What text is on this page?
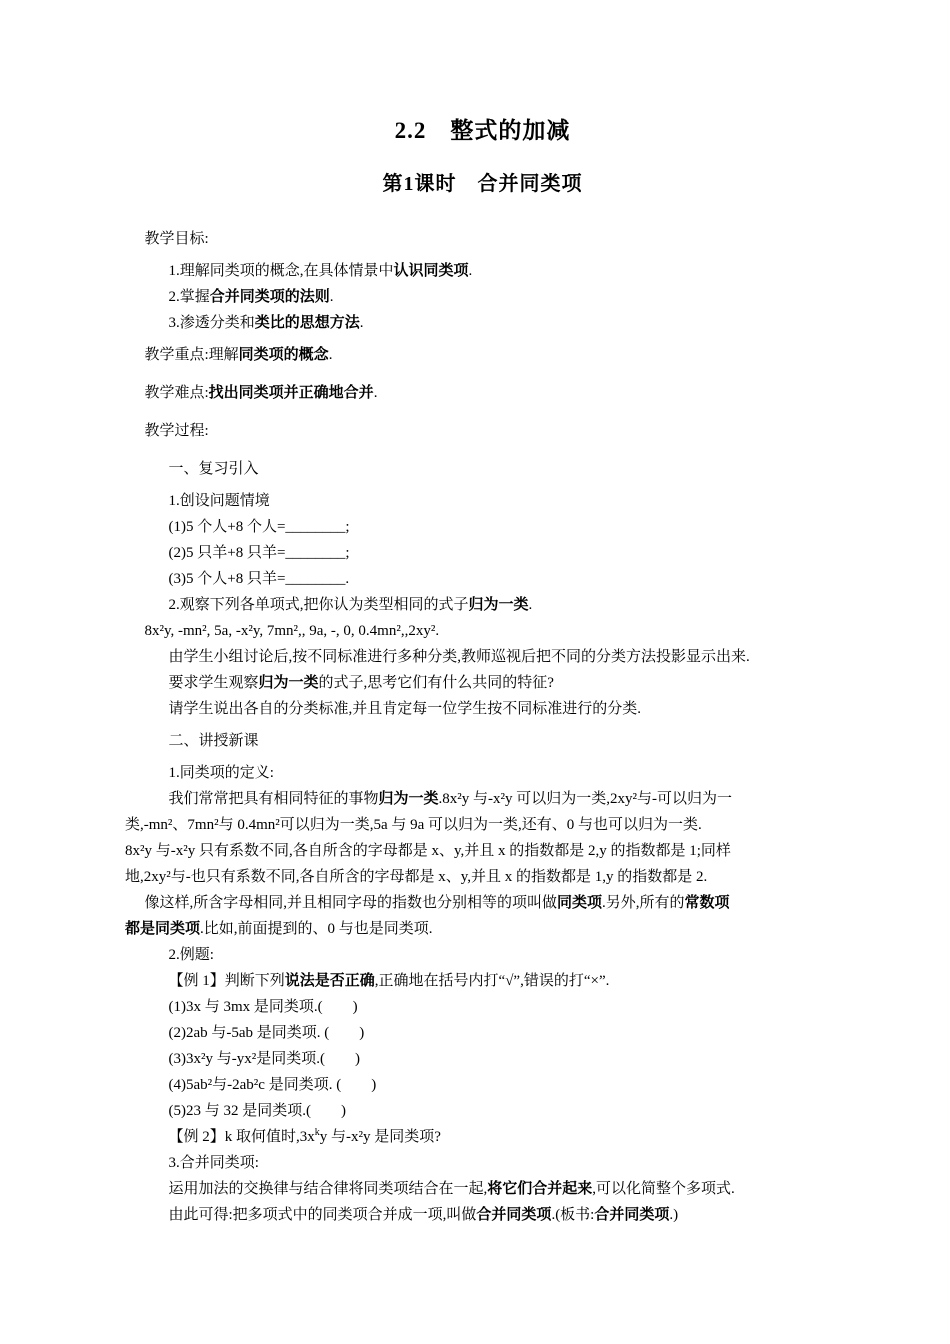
2.2　整式的加减
第1课时　合并同类项
教学目标:
1.理解同类项的概念,在具体情景中认识同类项.
2.掌握合并同类项的法则.
3.渗透分类和类比的思想方法.
教学重点:理解同类项的概念.
教学难点:找出同类项并正确地合并.
教学过程:
一、复习引入
1.创设问题情境
(1)5 个人+8 个人=________;
(2)5 只羊+8 只羊=________;
(3)5 个人+8 只羊=________.
2.观察下列各单项式,把你认为类型相同的式子归为一类.
8x²y, -mn², 5a, -x²y, 7mn²,, 9a, -, 0, 0.4mn²,,2xy².
由学生小组讨论后,按不同标准进行多种分类,教师巡视后把不同的分类方法投影显示出来.
要求学生观察归为一类的式子,思考它们有什么共同的特征?
请学生说出各自的分类标准,并且肯定每一位学生按不同标准进行的分类.
二、讲授新课
1.同类项的定义:
我们常常把具有相同特征的事物归为一类.8x²y 与-x²y 可以归为一类,2xy²与-可以归为一
类,-mn²、7mn²与 0.4mn²可以归为一类,5a 与 9a 可以归为一类,还有、0 与也可以归为一类.
8x²y 与-x²y 只有系数不同,各自所含的字母都是 x、y,并且 x 的指数都是 2,y 的指数都是 1;同样
地,2xy²与-也只有系数不同,各自所含的字母都是 x、y,并且 x 的指数都是 1,y 的指数都是 2.
像这样,所含字母相同,并且相同字母的指数也分别相等的项叫做同类项.另外,所有的常数项
都是同类项.比如,前面提到的、0 与也是同类项.
2.例题:
【例 1】判断下列说法是否正确,正确地在括号内打“√”,错误的打“×”.
(1)3x 与 3mx 是同类项.(　　)
(2)2ab 与-5ab 是同类项. (　　)
(3)3x²y 与-yx²是同类项.(　　)
(4)5ab²与-2ab²c 是同类项. (　　)
(5)23 与 32 是同类项.(　　)
【例 2】k 取何值时$,3x^ky$ 与-x²y 是同类项?
3.合并同类项:
运用加法的交换律与结合律将同类项结合在一起,将它们合并起来,可以化简整个多项式.
由此可得:把多项式中的同类项合并成一项,叫做合并同类项.(板书:合并同类项.)
